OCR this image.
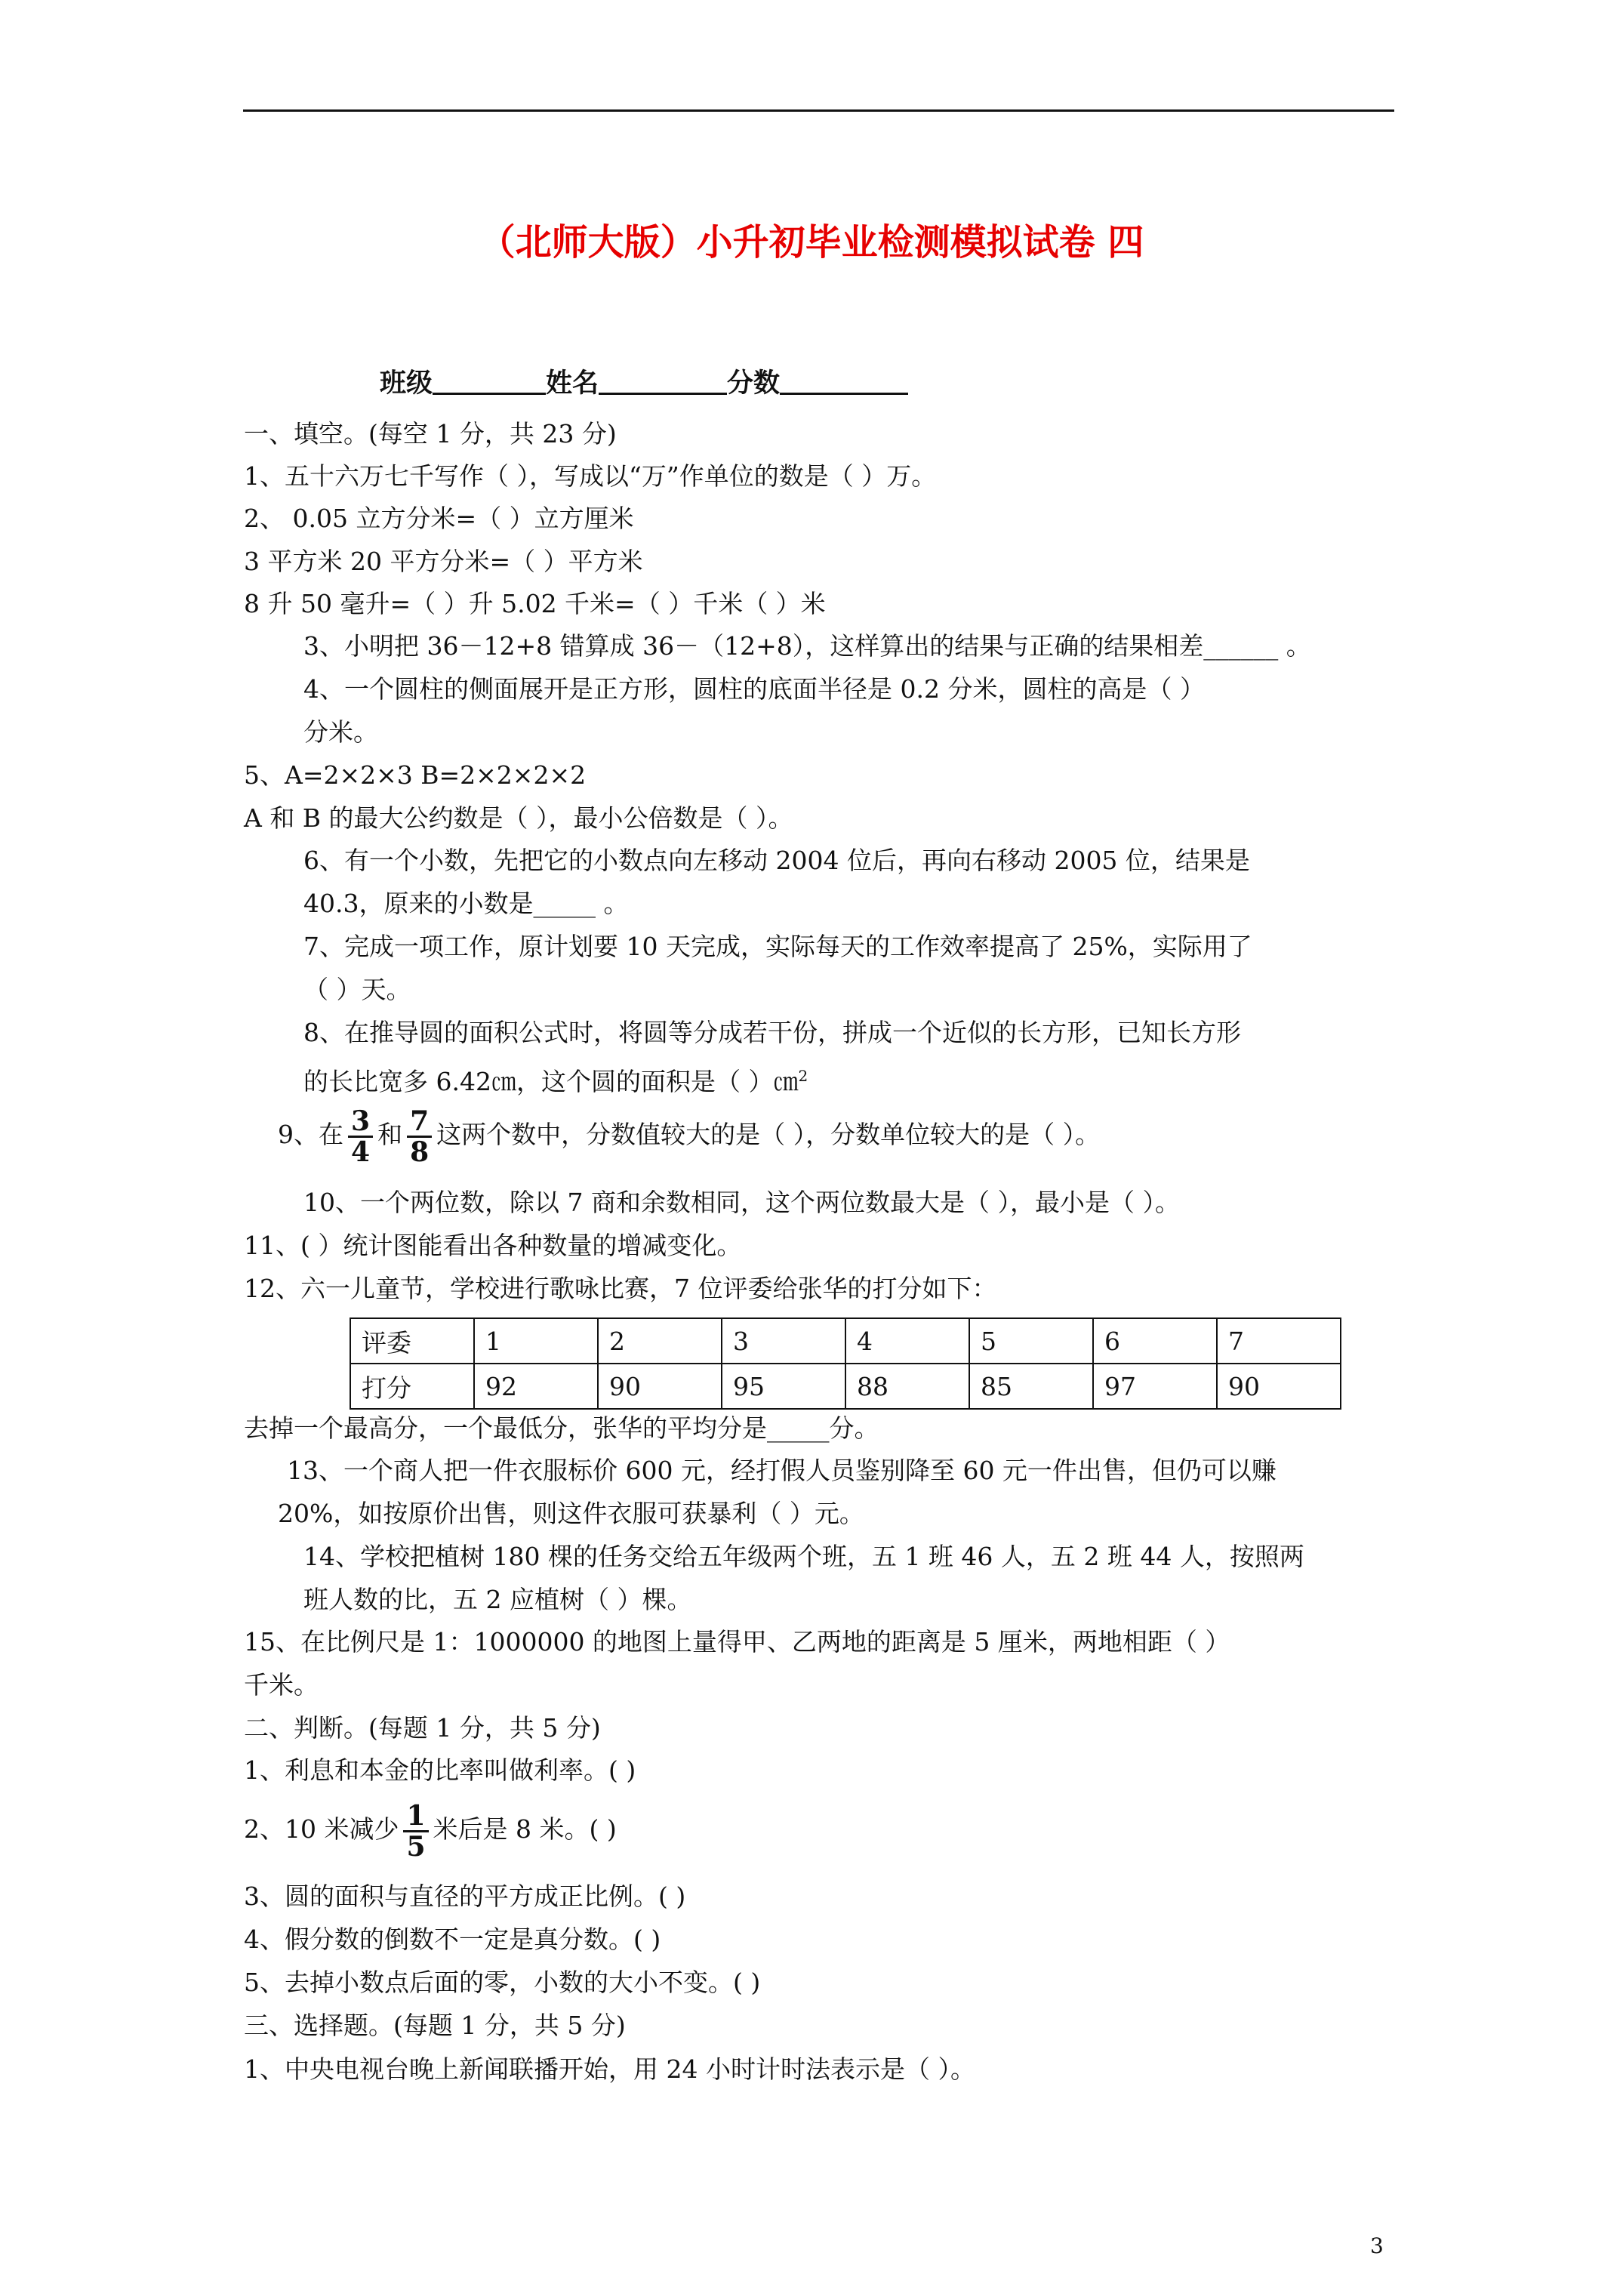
（北师大版）小升初毕业检测模拟试卷 四
班级	姓名	分数
一、填空。(每空 1 分，共 23 分)
1、五十六万七千写作（ ），写成以“万”作单位的数是（ ）万。
2、 0.05 立方分米=（ ）立方厘米
3 平方米 20 平方分米=（ ）平方米
8 升 50 毫升=（ ）升 5.02 千米=（ ）千米（ ）米
3、小明把 36－12+8 错算成 36－（12+8），这样算出的结果与正确的结果相差______ 。
4、一个圆柱的侧面展开是正方形，圆柱的底面半径是 0.2 分米，圆柱的高是（ ）
分米。
5、A=2×2×3 B=2×2×2×2
A 和 B 的最大公约数是（ ），最小公倍数是（ ）。
6、有一个小数，先把它的小数点向左移动 2004 位后，再向右移动 2005 位，结果是
40.3，原来的小数是_____ 。
7、完成一项工作，原计划要 10 天完成，实际每天的工作效率提高了 25%，实际用了
（ ）天。
8、在推导圆的面积公式时，将圆等分成若干份，拼成一个近似的长方形，已知长方形
的长比宽多 6.42㎝，这个圆的面积是（ ）㎝$^2$
9、在 $\frac{3}{4}$ 和 $\frac{7}{8}$ 这两个数中，分数值较大的是（ ），分数单位较大的是（ ）。
10、一个两位数，除以 7 商和余数相同，这个两位数最大是（ ），最小是（ ）。
11、( ）统计图能看出各种数量的增减变化。
12、六一儿童节，学校进行歌咏比赛，7 位评委给张华的打分如下：
评委	1	2	3	4	5	6	7
打分	92	90	95	88	85	97	90
去掉一个最高分，一个最低分，张华的平均分是_____分。
13、一个商人把一件衣服标价 600 元，经打假人员鉴别降至 60 元一件出售，但仍可以赚
20%，如按原价出售，则这件衣服可获暴利（ ）元。
14、学校把植树 180 棵的任务交给五年级两个班，五 1 班 46 人，五 2 班 44 人，按照两
班人数的比，五 2 应植树（ ）棵。
15、在比例尺是 1：1000000 的地图上量得甲、乙两地的距离是 5 厘米，两地相距（ ）
千米。
二、判断。(每题 1 分，共 5 分)
1、利息和本金的比率叫做利率。( )
2、10 米减少 $\frac{1}{5}$ 米后是 8 米。( )
3、圆的面积与直径的平方成正比例。( )
4、假分数的倒数不一定是真分数。( )
5、去掉小数点后面的零，小数的大小不变。( )
三、选择题。(每题 1 分，共 5 分)
1、中央电视台晚上新闻联播开始，用 24 小时计时法表示是（ ）。
3
